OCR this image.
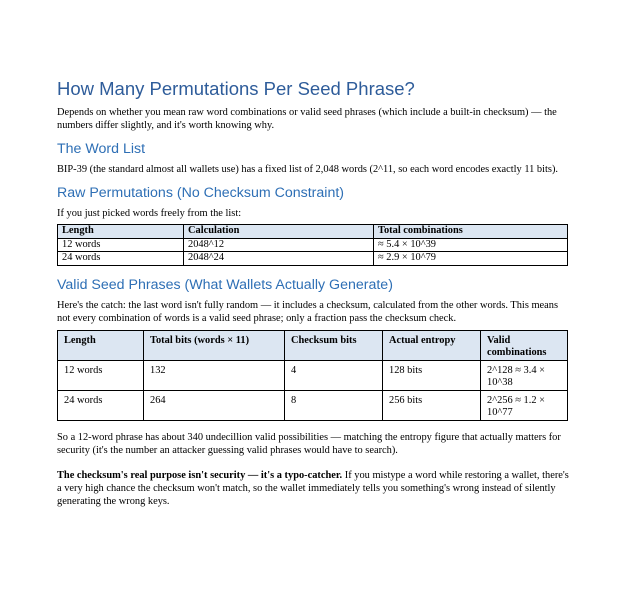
How Many Permutations Per Seed Phrase?

Depends on whether you mean raw word combinations or valid seed phrases (which include a built-in checksum) — the numbers differ slightly, and it's worth knowing why.

The Word List

BIP-39 (the standard almost all wallets use) has a fixed list of 2,048 words (2^11, so each word encodes exactly 11 bits).

Raw Permutations (No Checksum Constraint)

If you just picked words freely from the list:

Length	Calculation	Total combinations
12 words	2048^12	≈ 5.4 × 10^39
24 words	2048^24	≈ 2.9 × 10^79
Valid Seed Phrases (What Wallets Actually Generate)

Here's the catch: the last word isn't fully random — it includes a checksum, calculated from the other words. This means not every combination of words is a valid seed phrase; only a fraction pass the checksum check.

Length	Total bits (words × 11)	Checksum bits	Actual entropy	Valid combinations
12 words	132	4	128 bits	2^128 ≈ 3.4 × 10^38
24 words	264	8	256 bits	2^256 ≈ 1.2 × 10^77

So a 12-word phrase has about 340 undecillion valid possibilities — matching the entropy figure that actually matters for security (it's the number an attacker guessing valid phrases would have to search).

The checksum's real purpose isn't security — it's a typo-catcher. If you mistype a word while restoring a wallet, there's a very high chance the checksum won't match, so the wallet immediately tells you something's wrong instead of silently generating the wrong keys.
